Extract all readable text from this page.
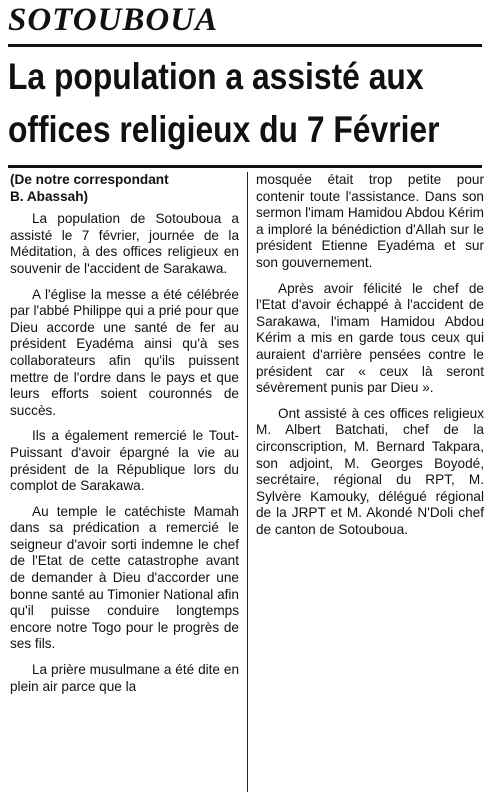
SOTOUBOUA
La population a assisté aux
offices religieux du 7 Février
(De notre correspondant
B. Abassah)

La population de Sotouboua a assisté le 7 février, journée de la Méditation, à des offices religieux en souvenir de l'accident de Sarakawa.

A l'église la messe a été célébrée par l'abbé Philippe qui a prié pour que Dieu accorde une santé de fer au président Eyadéma ainsi qu'à ses collaborateurs afin qu'ils puissent mettre de l'ordre dans le pays et que leurs efforts soient couronnés de succès.

Ils a également remercié le Tout-Puissant d'avoir épargné la vie au président de la République lors du complot de Sarakawa.

Au temple le catéchiste Mamah dans sa prédication a remercié le seigneur d'avoir sorti indemne le chef de l'Etat de cette catastrophe avant de demander à Dieu d'accorder une bonne santé au Timonier National afin qu'il puisse conduire longtemps encore notre Togo pour le progrès de ses fils.

La prière musulmane a été dite en plein air parce que la

mosquée était trop petite pour contenir toute l'assistance. Dans son sermon l'imam Hamidou Abdou Kérim a imploré la bénédiction d'Allah sur le président Etienne Eyadéma et sur son gouvernement.

Après avoir félicité le chef de l'Etat d'avoir échappé à l'accident de Sarakawa, l'imam Hamidou Abdou Kérim a mis en garde tous ceux qui auraient d'arrière pensées contre le président car « ceux là seront sévèrement punis par Dieu ».

Ont assisté à ces offices religieux M. Albert Batchati, chef de la circonscription, M. Bernard Takpara, son adjoint, M. Georges Boyodé, secrétaire, régional du RPT, M. Sylvère Kamouky, délégué régional de la JRPT et M. Akondé N'Doli chef de canton de Sotouboua.
